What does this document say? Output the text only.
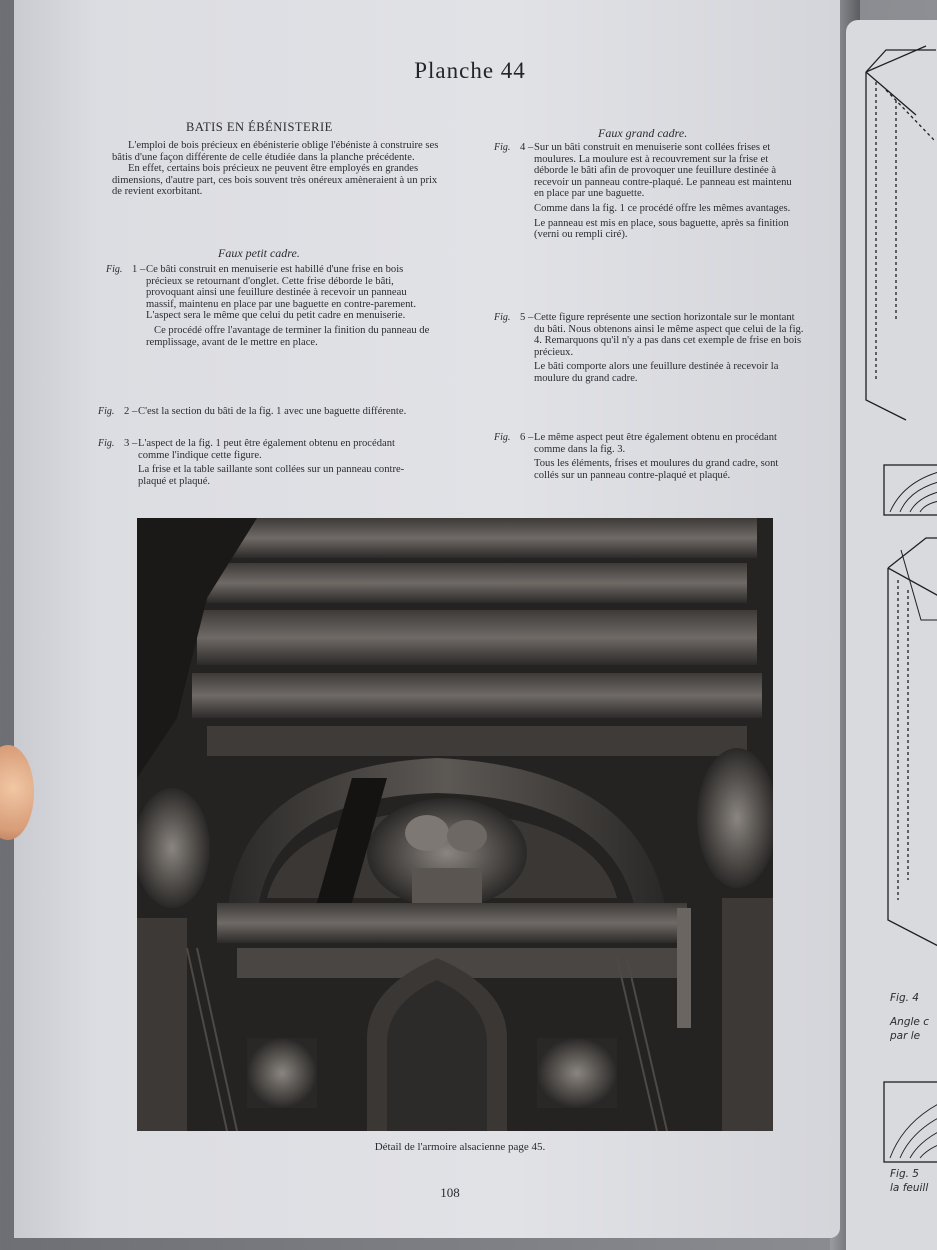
Fig. 4
Angle c
par le
Fig. 5
la feuill
Planche 44
BATIS EN ÉBÉNISTERIE

L'emploi de bois précieux en ébénisterie oblige l'ébéniste à construire ses bâtis d'une façon différente de celle étudiée dans la planche précédente.

En effet, certains bois précieux ne peuvent être employés en grandes dimensions, d'autre part, ces bois souvent très onéreux amèneraient à un prix de revient exorbitant.

Faux petit cadre.
Fig. 1 – Ce bâti construit en menuiserie est habillé d'une frise en bois précieux se retournant d'onglet. Cette frise déborde le bâti, provoquant ainsi une feuillure destinée à recevoir un panneau massif, maintenu en place par une baguette en contre-parement. L'aspect sera le même que celui du petit cadre en menuiserie.

Ce procédé offre l'avantage de terminer la finition du panneau de remplissage, avant de le mettre en place.

Fig. 2 – C'est la section du bâti de la fig. 1 avec une baguette différente.

Fig. 3 – L'aspect de la fig. 1 peut être également obtenu en procédant comme l'indique cette figure.

La frise et la table saillante sont collées sur un panneau contre-plaqué et plaqué.

Faux grand cadre.
Fig. 4 – Sur un bâti construit en menuiserie sont collées frises et moulures. La moulure est à recouvrement sur la frise et déborde le bâti afin de provoquer une feuillure destinée à recevoir un panneau contre-plaqué. Le panneau est maintenu en place par une baguette.

Comme dans la fig. 1 ce procédé offre les mêmes avantages.

Le panneau est mis en place, sous baguette, après sa finition (verni ou rempli ciré).

Fig. 5 – Cette figure représente une section horizontale sur le montant du bâti. Nous obtenons ainsi le même aspect que celui de la fig. 4. Remarquons qu'il n'y a pas dans cet exemple de frise en bois précieux.

Le bâti comporte alors une feuillure destinée à recevoir la moulure du grand cadre.

Fig. 6 – Le même aspect peut être également obtenu en procédant comme dans la fig. 3.

Tous les éléments, frises et moulures du grand cadre, sont collés sur un panneau contre-plaqué et plaqué.

Détail de l'armoire alsacienne page 45.
108
